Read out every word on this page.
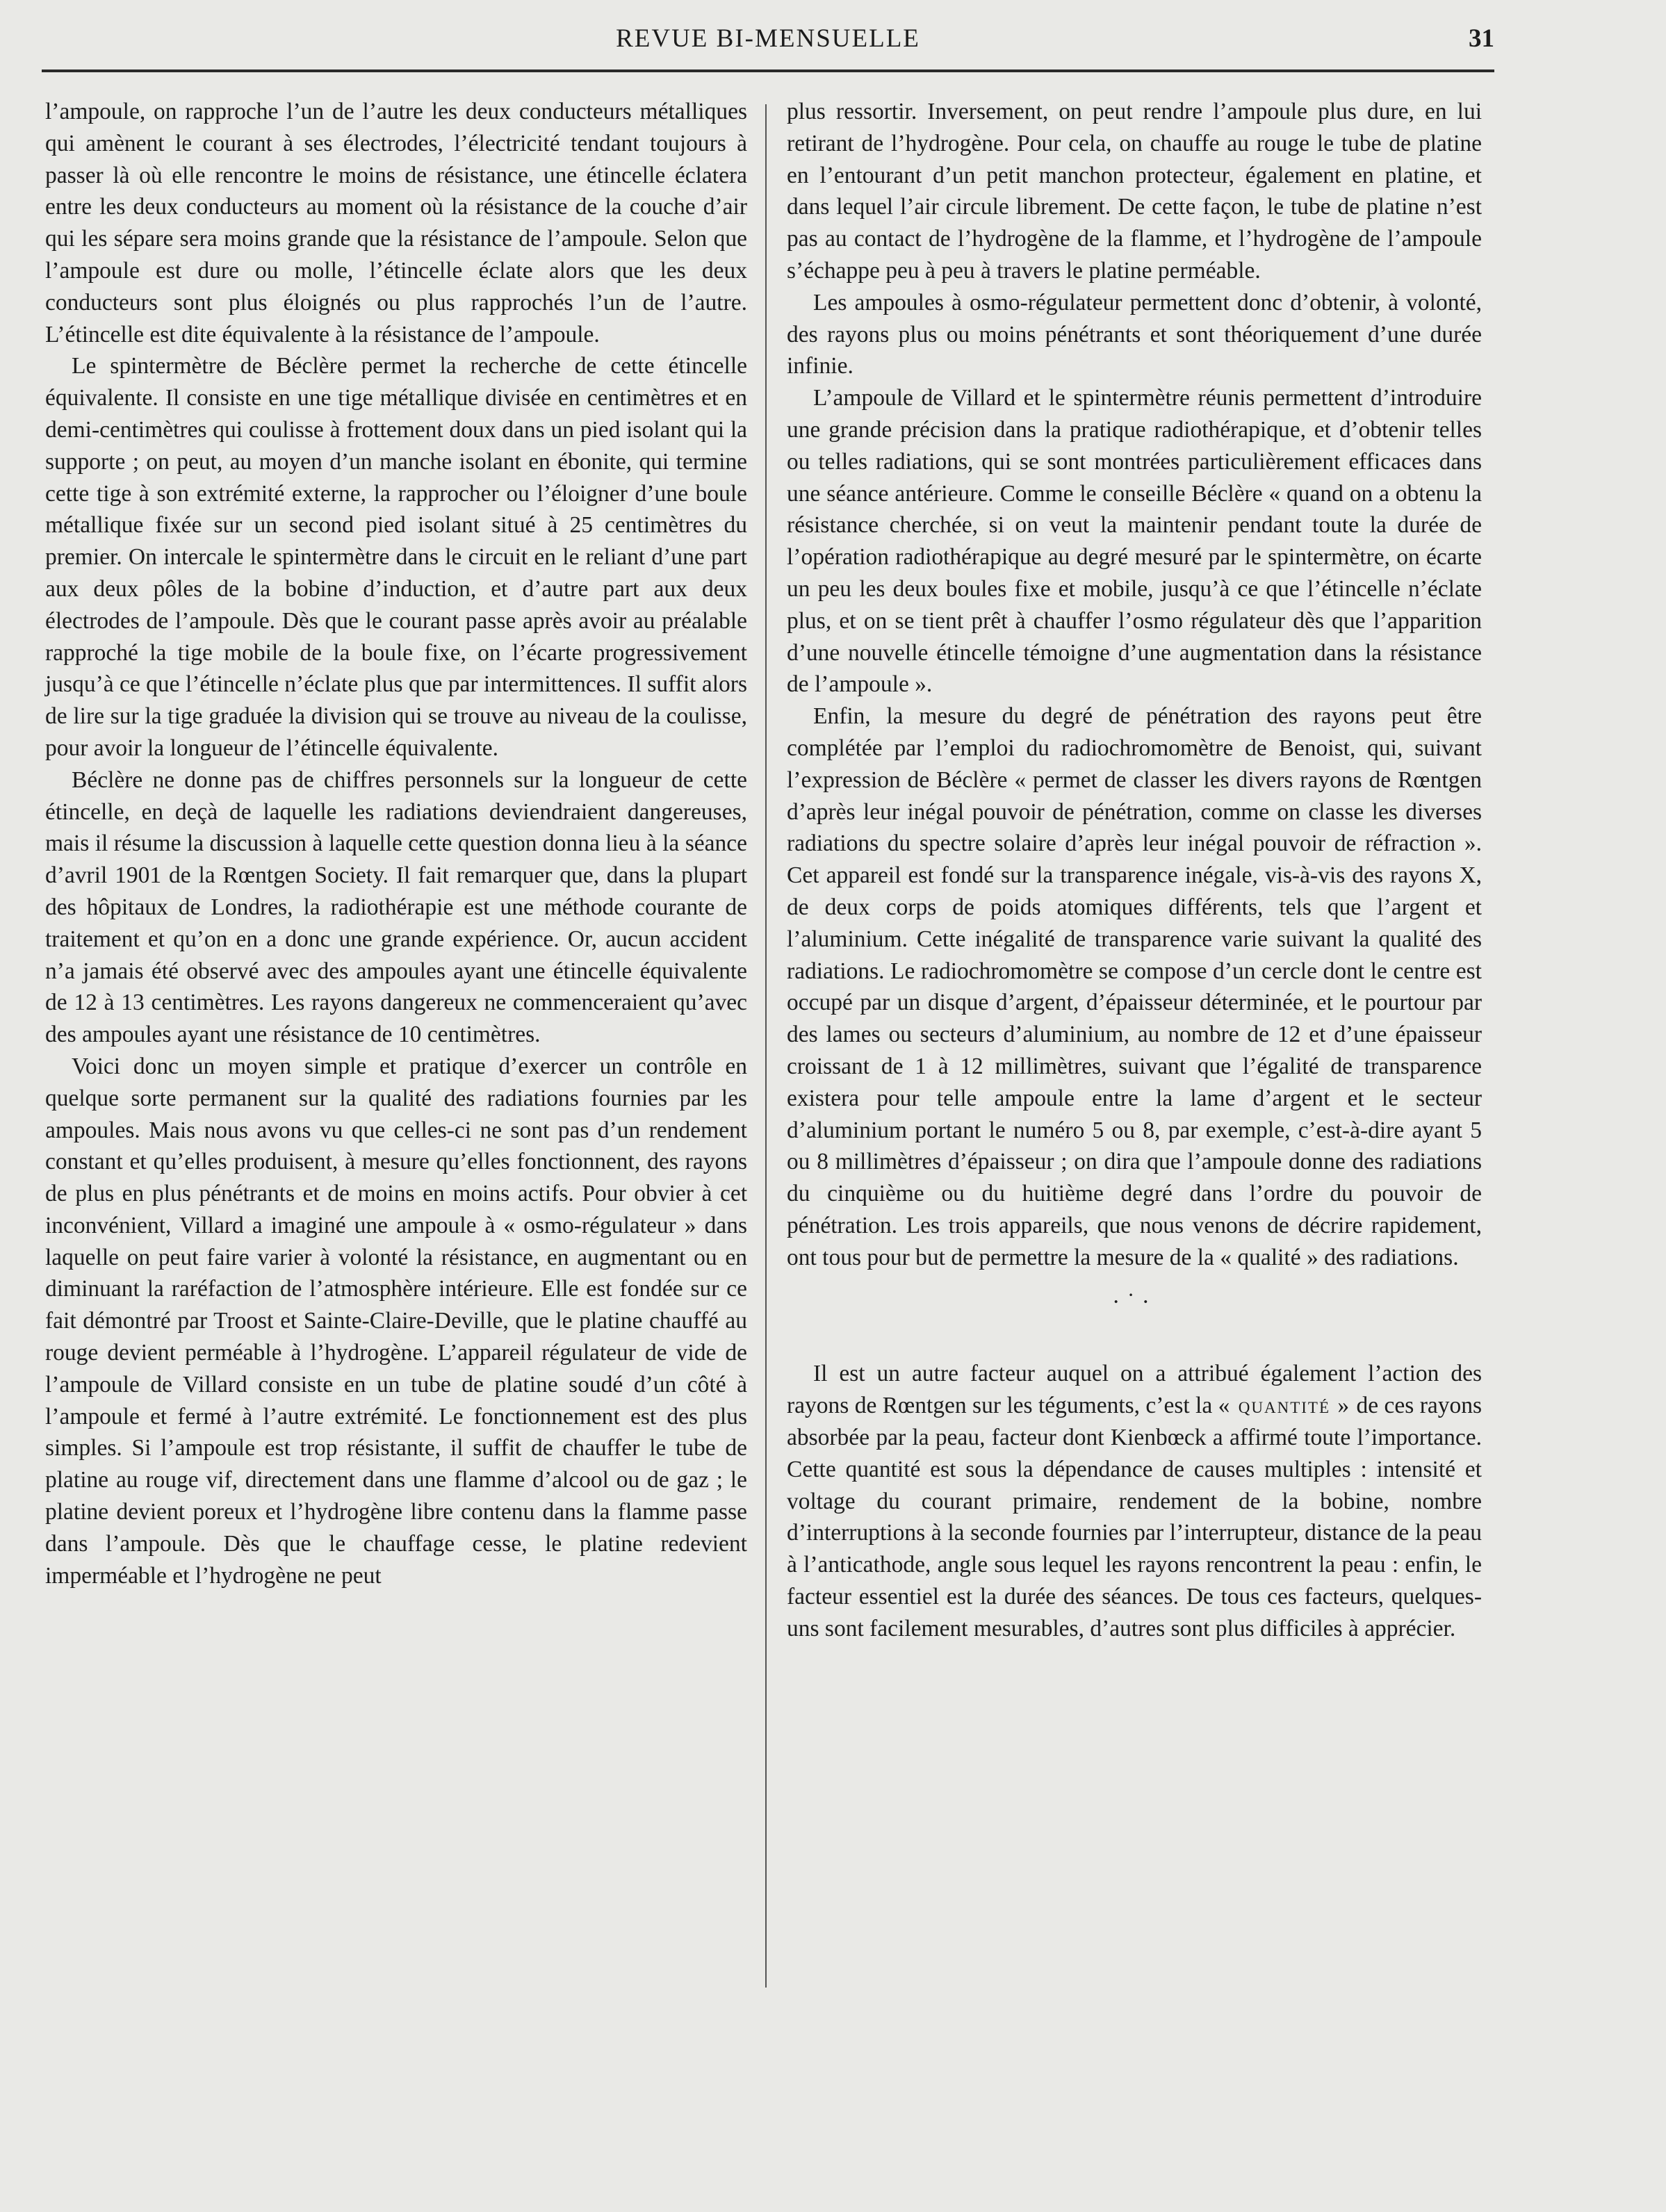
REVUE BI-MENSUELLE	31

l’ampoule, on rapproche l’un de l’autre les deux conducteurs métalliques qui amènent le courant à ses électrodes, l’électricité tendant toujours à passer là où elle rencontre le moins de résistance, une étincelle éclatera entre les deux conducteurs au moment où la résistance de la couche d’air qui les sépare sera moins grande que la résistance de l’ampoule. Selon que l’ampoule est dure ou molle, l’étincelle éclate alors que les deux conducteurs sont plus éloignés ou plus rapprochés l’un de l’autre. L’étincelle est dite équivalente à la résistance de l’ampoule.

Le spintermètre de Béclère permet la recherche de cette étincelle équivalente. Il consiste en une tige métallique divisée en centimètres et en demi-centimètres qui coulisse à frottement doux dans un pied isolant qui la supporte ; on peut, au moyen d’un manche isolant en ébonite, qui termine cette tige à son extrémité externe, la rapprocher ou l’éloigner d’une boule métallique fixée sur un second pied isolant situé à 25 centimètres du premier. On intercale le spintermètre dans le circuit en le reliant d’une part aux deux pôles de la bobine d’induction, et d’autre part aux deux électrodes de l’ampoule. Dès que le courant passe après avoir au préalable rapproché la tige mobile de la boule fixe, on l’écarte progressivement jusqu’à ce que l’étincelle n’éclate plus que par intermittences. Il suffit alors de lire sur la tige graduée la division qui se trouve au niveau de la coulisse, pour avoir la longueur de l’étincelle équivalente.

Béclère ne donne pas de chiffres personnels sur la longueur de cette étincelle, en deçà de laquelle les radiations deviendraient dangereuses, mais il résume la discussion à laquelle cette question donna lieu à la séance d’avril 1901 de la Rœntgen Society. Il fait remarquer que, dans la plupart des hôpitaux de Londres, la radiothérapie est une méthode courante de traitement et qu’on en a donc une grande expérience. Or, aucun accident n’a jamais été observé avec des ampoules ayant une étincelle équivalente de 12 à 13 centimètres. Les rayons dangereux ne commenceraient qu’avec des ampoules ayant une résistance de 10 centimètres.

Voici donc un moyen simple et pratique d’exercer un contrôle en quelque sorte permanent sur la qualité des radiations fournies par les ampoules. Mais nous avons vu que celles-ci ne sont pas d’un rendement constant et qu’elles produisent, à mesure qu’elles fonctionnent, des rayons de plus en plus pénétrants et de moins en moins actifs. Pour obvier à cet inconvénient, Villard a imaginé une ampoule à « osmo-régulateur » dans laquelle on peut faire varier à volonté la résistance, en augmentant ou en diminuant la raréfaction de l’atmosphère intérieure. Elle est fondée sur ce fait démontré par Troost et Sainte-Claire-Deville, que le platine chauffé au rouge devient perméable à l’hydrogène. L’appareil régulateur de vide de l’ampoule de Villard consiste en un tube de platine soudé d’un côté à l’ampoule et fermé à l’autre extrémité. Le fonctionnement est des plus simples. Si l’ampoule est trop résistante, il suffit de chauffer le tube de platine au rouge vif, directement dans une flamme d’alcool ou de gaz ; le platine devient poreux et l’hydrogène libre contenu dans la flamme passe dans l’ampoule. Dès que le chauffage cesse, le platine redevient imperméable et l’hydrogène ne peut

plus ressortir. Inversement, on peut rendre l’ampoule plus dure, en lui retirant de l’hydrogène. Pour cela, on chauffe au rouge le tube de platine en l’entourant d’un petit manchon protecteur, également en platine, et dans lequel l’air circule librement. De cette façon, le tube de platine n’est pas au contact de l’hydrogène de la flamme, et l’hydrogène de l’ampoule s’échappe peu à peu à travers le platine perméable.

Les ampoules à osmo-régulateur permettent donc d’obtenir, à volonté, des rayons plus ou moins pénétrants et sont théoriquement d’une durée infinie.

L’ampoule de Villard et le spintermètre réunis permettent d’introduire une grande précision dans la pratique radiothérapique, et d’obtenir telles ou telles radiations, qui se sont montrées particulièrement efficaces dans une séance antérieure. Comme le conseille Béclère « quand on a obtenu la résistance cherchée, si on veut la maintenir pendant toute la durée de l’opération radiothérapique au degré mesuré par le spintermètre, on écarte un peu les deux boules fixe et mobile, jusqu’à ce que l’étincelle n’éclate plus, et on se tient prêt à chauffer l’osmo régulateur dès que l’apparition d’une nouvelle étincelle témoigne d’une augmentation dans la résistance de l’ampoule ».

Enfin, la mesure du degré de pénétration des rayons peut être complétée par l’emploi du radiochromomètre de Benoist, qui, suivant l’expression de Béclère « permet de classer les divers rayons de Rœntgen d’après leur inégal pouvoir de pénétration, comme on classe les diverses radiations du spectre solaire d’après leur inégal pouvoir de réfraction ». Cet appareil est fondé sur la transparence inégale, vis-à-vis des rayons X, de deux corps de poids atomiques différents, tels que l’argent et l’aluminium. Cette inégalité de transparence varie suivant la qualité des radiations. Le radiochromomètre se compose d’un cercle dont le centre est occupé par un disque d’argent, d’épaisseur déterminée, et le pourtour par des lames ou secteurs d’aluminium, au nombre de 12 et d’une épaisseur croissant de 1 à 12 millimètres, suivant que l’égalité de transparence existera pour telle ampoule entre la lame d’argent et le secteur d’aluminium portant le numéro 5 ou 8, par exemple, c’est-à-dire ayant 5 ou 8 millimètres d’épaisseur ; on dira que l’ampoule donne des radiations du cinquième ou du huitième degré dans l’ordre du pouvoir de pénétration. Les trois appareils, que nous venons de décrire rapidement, ont tous pour but de permettre la mesure de la « qualité » des radiations.

·˙·

Il est un autre facteur auquel on a attribué également l’action des rayons de Rœntgen sur les téguments, c’est la « quantité » de ces rayons absorbée par la peau, facteur dont Kienbœck a affirmé toute l’importance. Cette quantité est sous la dépendance de causes multiples : intensité et voltage du courant primaire, rendement de la bobine, nombre d’interruptions à la seconde fournies par l’interrupteur, distance de la peau à l’anticathode, angle sous lequel les rayons rencontrent la peau : enfin, le facteur essentiel est la durée des séances. De tous ces facteurs, quelques-uns sont facilement mesurables, d’autres sont plus difficiles à apprécier.
